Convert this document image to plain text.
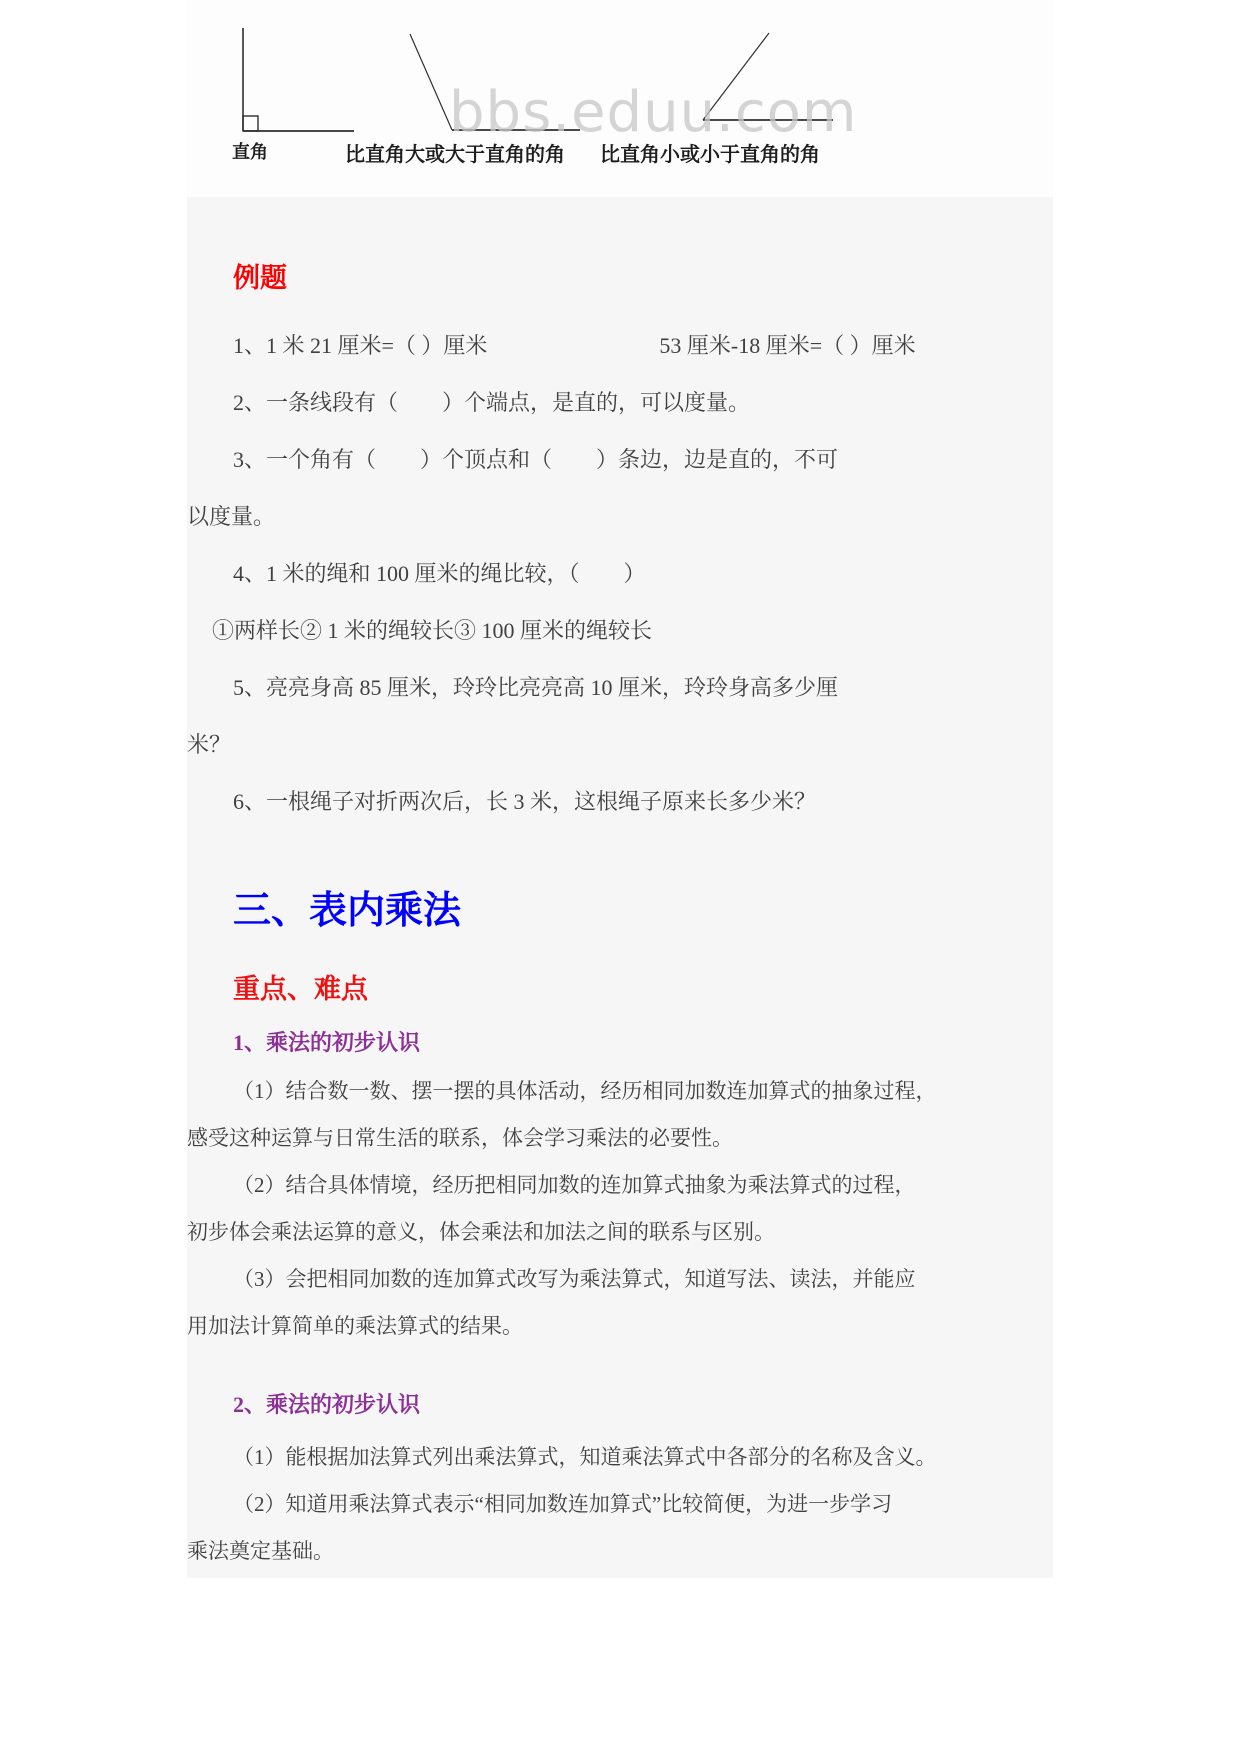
bbs.eduu.com
直角	比直角大或大于直角的角 比直角小或小于直角的角
例题
1、1 米 21 厘米=（ ）厘米	53 厘米-18 厘米=（ ）厘米
2、一条线段有（　　）个端点，是直的，可以度量。
3、一个角有（　　）个顶点和（　　）条边，边是直的，不可
以度量。
4、1 米的绳和 100 厘米的绳比较，（　　）
①两样长② 1 米的绳较长③ 100 厘米的绳较长
5、亮亮身高 85 厘米，玲玲比亮亮高 10 厘米，玲玲身高多少厘
米？
6、一根绳子对折两次后，长 3 米，这根绳子原来长多少米？
三、表内乘法
重点、难点
1、乘法的初步认识
（1）结合数一数、摆一摆的具体活动，经历相同加数连加算式的抽象过程，
感受这种运算与日常生活的联系，体会学习乘法的必要性。
（2）结合具体情境，经历把相同加数的连加算式抽象为乘法算式的过程，
初步体会乘法运算的意义，体会乘法和加法之间的联系与区别。
（3）会把相同加数的连加算式改写为乘法算式，知道写法、读法，并能应
用加法计算简单的乘法算式的结果。
2、乘法的初步认识
（1）能根据加法算式列出乘法算式，知道乘法算式中各部分的名称及含义。
（2）知道用乘法算式表示“相同加数连加算式”比较简便，为进一步学习
乘法奠定基础。
